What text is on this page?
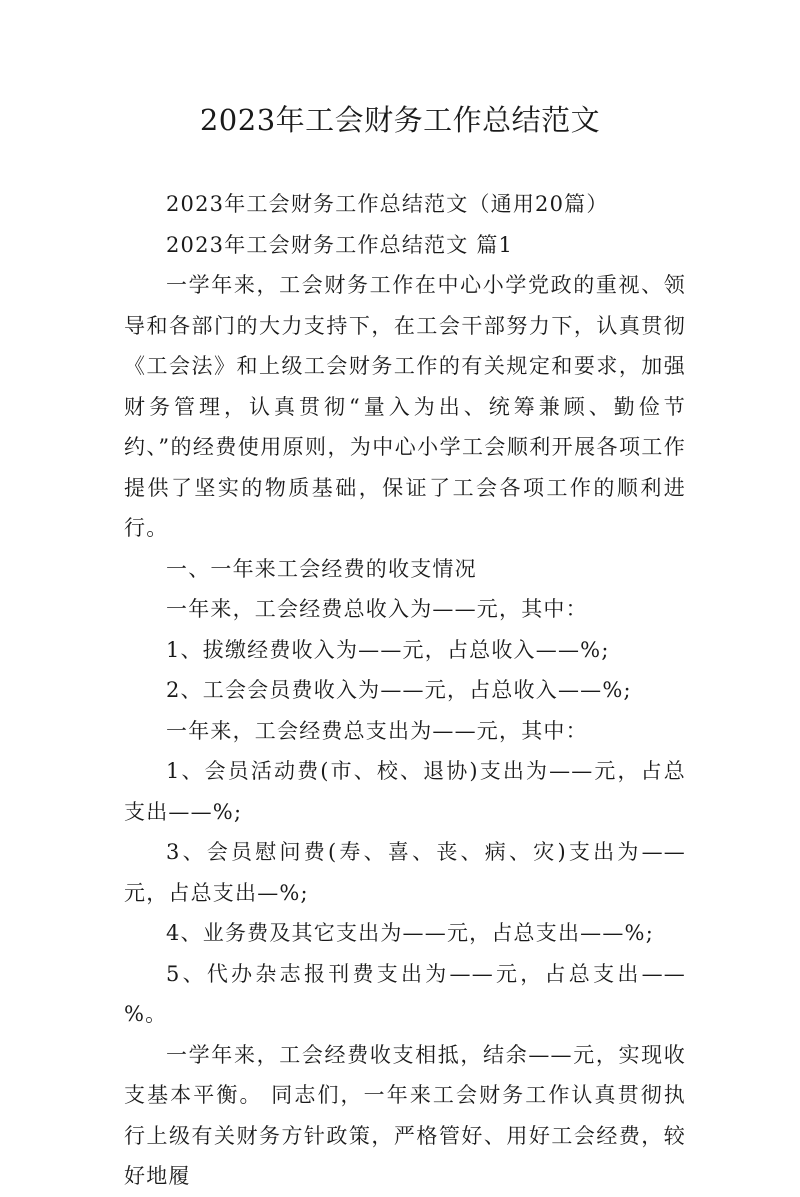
2023年工会财务工作总结范文

2023年工会财务工作总结范文（通用20篇）

2023年工会财务工作总结范文 篇1

一学年来，工会财务工作在中心小学党政的重视、领导和各部门的大力支持下，在工会干部努力下，认真贯彻《工会法》和上级工会财务工作的有关规定和要求，加强财务管理，认真贯彻“量入为出、统筹兼顾、勤俭节约、”的经费使用原则，为中心小学工会顺利开展各项工作提供了坚实的物质基础，保证了工会各项工作的顺利进行。

一、一年来工会经费的收支情况

一年来，工会经费总收入为——元，其中：

1、拔缴经费收入为——元，占总收入——%;

2、工会会员费收入为——元，占总收入——%;

一年来，工会经费总支出为——元，其中：

1、会员活动费(市、校、退协)支出为——元，占总支出——%;

3、会员慰问费(寿、喜、丧、病、灾)支出为——元，占总支出—%;

4、业务费及其它支出为——元，占总支出——%;

5、代办杂志报刊费支出为——元，占总支出——%。

一学年来，工会经费收支相抵，结余——元，实现收支基本平衡。 同志们，一年来工会财务工作认真贯彻执行上级有关财务方针政策，严格管好、用好工会经费，较好地履
